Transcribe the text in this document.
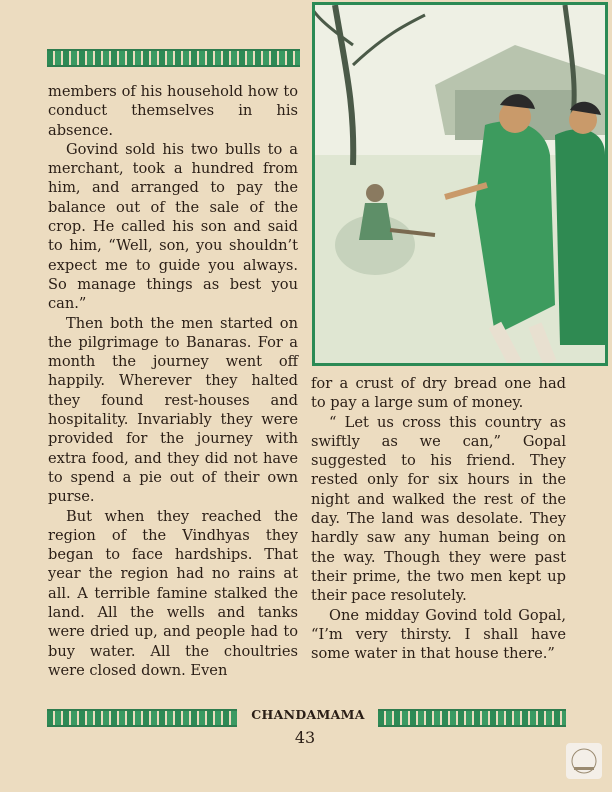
members of his household how to conduct themselves in his absence.

Govind sold his two bulls to a merchant, took a hundred from him, and arranged to pay the balance out of the sale of the crop. He called his son and said to him, “Well, son, you shouldn’t expect me to guide you always. So manage things as best you can.”

Then both the men started on the pilgrimage to Banaras. For a month the journey went off happily. Wherever they halted they found rest-houses and hospitality. Invariably they were provided for the journey with extra food, and they did not have to spend a pie out of their own purse.

But when they reached the region of the Vindhyas they began to face hardships. That year the region had no rains at all. A terrible famine stalked the land. All the wells and tanks were dried up, and people had to buy water. All the choultries were closed down. Even

for a crust of dry bread one had to pay a large sum of money.

“ Let us cross this country as swiftly as we can,” Gopal suggested to his friend. They rested only for six hours in the night and walked the rest of the day. The land was desolate. They hardly saw any human being on the way. Though they were past their prime, the two men kept up their pace resolutely.

One midday Govind told Gopal, “I’m very thirsty. I shall have some water in that house there.”

CHANDAMAMA
43
